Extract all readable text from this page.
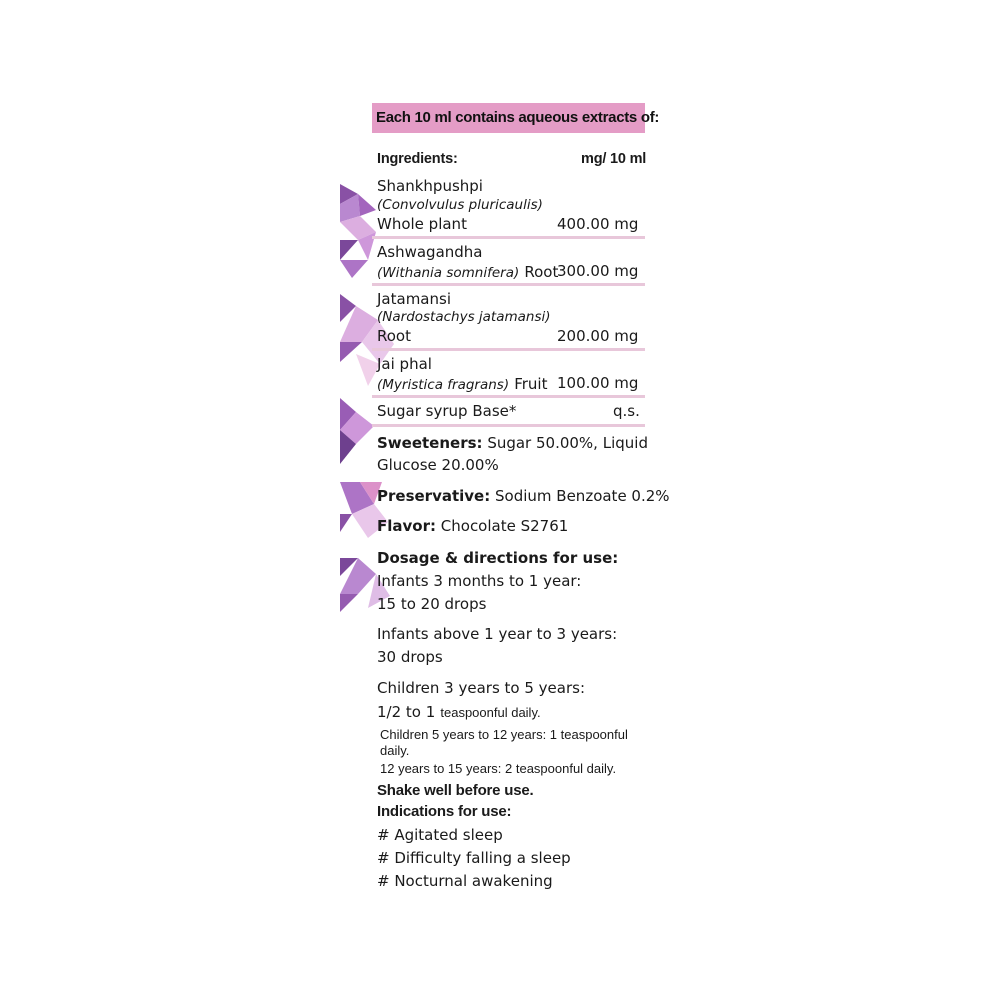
Each 10 ml contains aqueous extracts of:
Ingredients:	mg/ 10 ml
Shankhpushpi
(Convolvulus pluricaulis)
Whole plant	400.00 mg
Ashwagandha
(Withania somnifera) Root
300.00 mg
Jatamansi
(Nardostachys jatamansi)
Root	200.00 mg
Jai phal
(Myristica fragrans) Fruit 100.00 mg
Sugar syrup Base*	q.s.
Sweeteners: Sugar 50.00%, Liquid
Glucose 20.00%
Preservative: Sodium Benzoate 0.2%
Flavor: Chocolate S2761
Dosage & directions for use:
Infants 3 months to 1 year:
15 to 20 drops
Infants above 1 year to 3 years:
30 drops
Children 3 years to 5 years:
1/2 to 1 teaspoonful daily.
Children 5 years to 12 years: 1 teaspoonful
daily.
12 years to 15 years: 2 teaspoonful daily.
Shake well before use.
Indications for use:
# Agitated sleep
# Difficulty falling a sleep
# Nocturnal awakening
